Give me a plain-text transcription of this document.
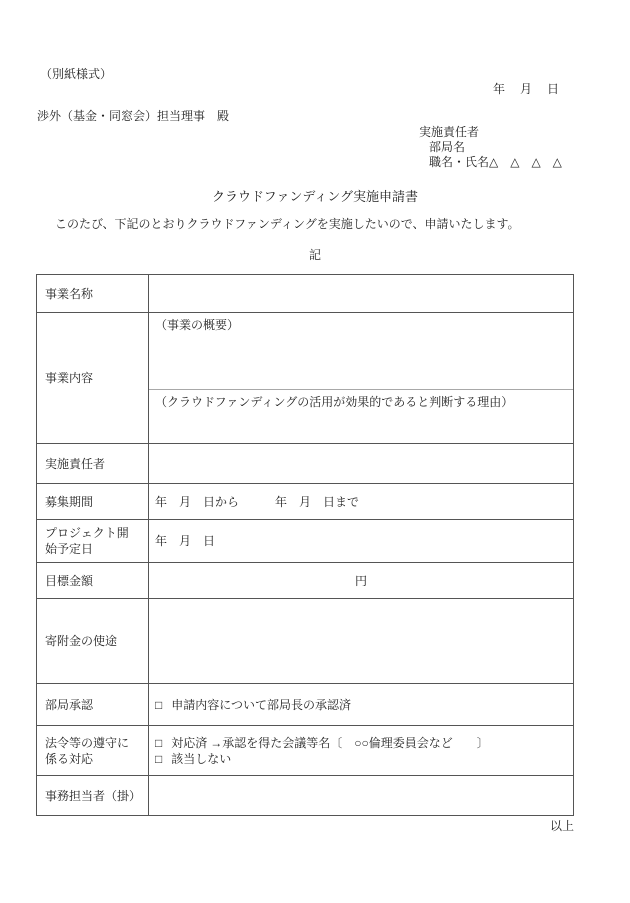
（別紙様式）
年　 月　 日
渉外（基金・同窓会）担当理事　殿
実施責任者
部局名
職名・氏名△　△　△　△
クラウドファンディング実施申請書

このたび、下記のとおりクラウドファンディングを実施したいので、申請いたします。

記
事業名称	
事業内容	（事業の概要）
（クラウドファンディングの活用が効果的であると判断する理由）

実施責任者	
募集期間	年　月　日から　　　年　月　日まで
プロジェクト開始予定日	年　月　日
目標金額	円
寄附金の使途	
部局承認	□ 申請内容について部局長の承認済
法令等の遵守に係る対応	□ 対応済 →承認を得た会議等名〔　○○倫理委員会など　　〕
□ 該当しない

事務担当者（掛）	
以上
